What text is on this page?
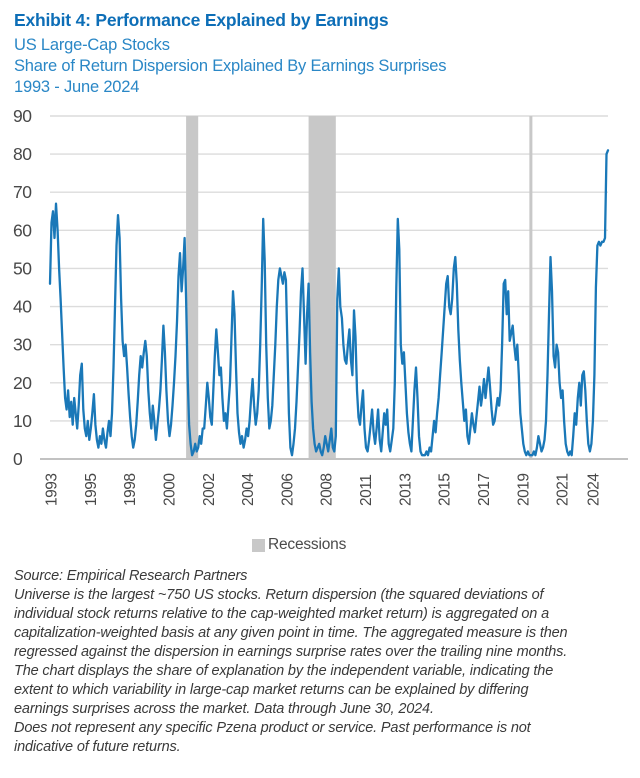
Exhibit 4: Performance Explained by Earnings
US Large-Cap Stocks
Share of Return Dispersion Explained By Earnings Surprises
1993 - June 2024
0
10
20
30
40
50
60
70
80
90
1993 1995 1998 2000 2002 2004 2006 2008 2011 2013 2015 2017 2019 2021 2024
Recessions
Source: Empirical Research Partners
Universe is the largest ~750 US stocks. Return dispersion (the squared deviations of
individual stock returns relative to the cap-weighted market return) is aggregated on a
capitalization-weighted basis at any given point in time. The aggregated measure is then
regressed against the dispersion in earnings surprise rates over the trailing nine months.
The chart displays the share of explanation by the independent variable, indicating the
extent to which variability in large-cap market returns can be explained by differing
earnings surprises across the market. Data through June 30, 2024.
Does not represent any specific Pzena product or service. Past performance is not
indicative of future returns.
